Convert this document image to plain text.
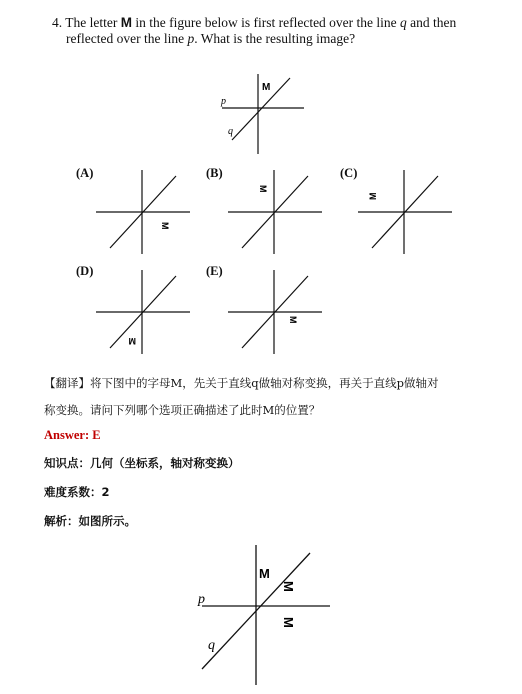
4. The letter M in the figure below is first reflected over the line q and then
reflected over the line p. What is the resulting image?
M
p
q
(A)	(B)	(C)
(D)	(E)
M
M
M
M
M
【翻译】将下图中的字母M，先关于直线q做轴对称变换，再关于直线p做轴对
称变换。请问下列哪个选项正确描述了此时M的位置？
Answer: E
知识点：几何（坐标系，轴对称变换）
难度系数：2
解析：如图所示。
M
M
M
p
q
